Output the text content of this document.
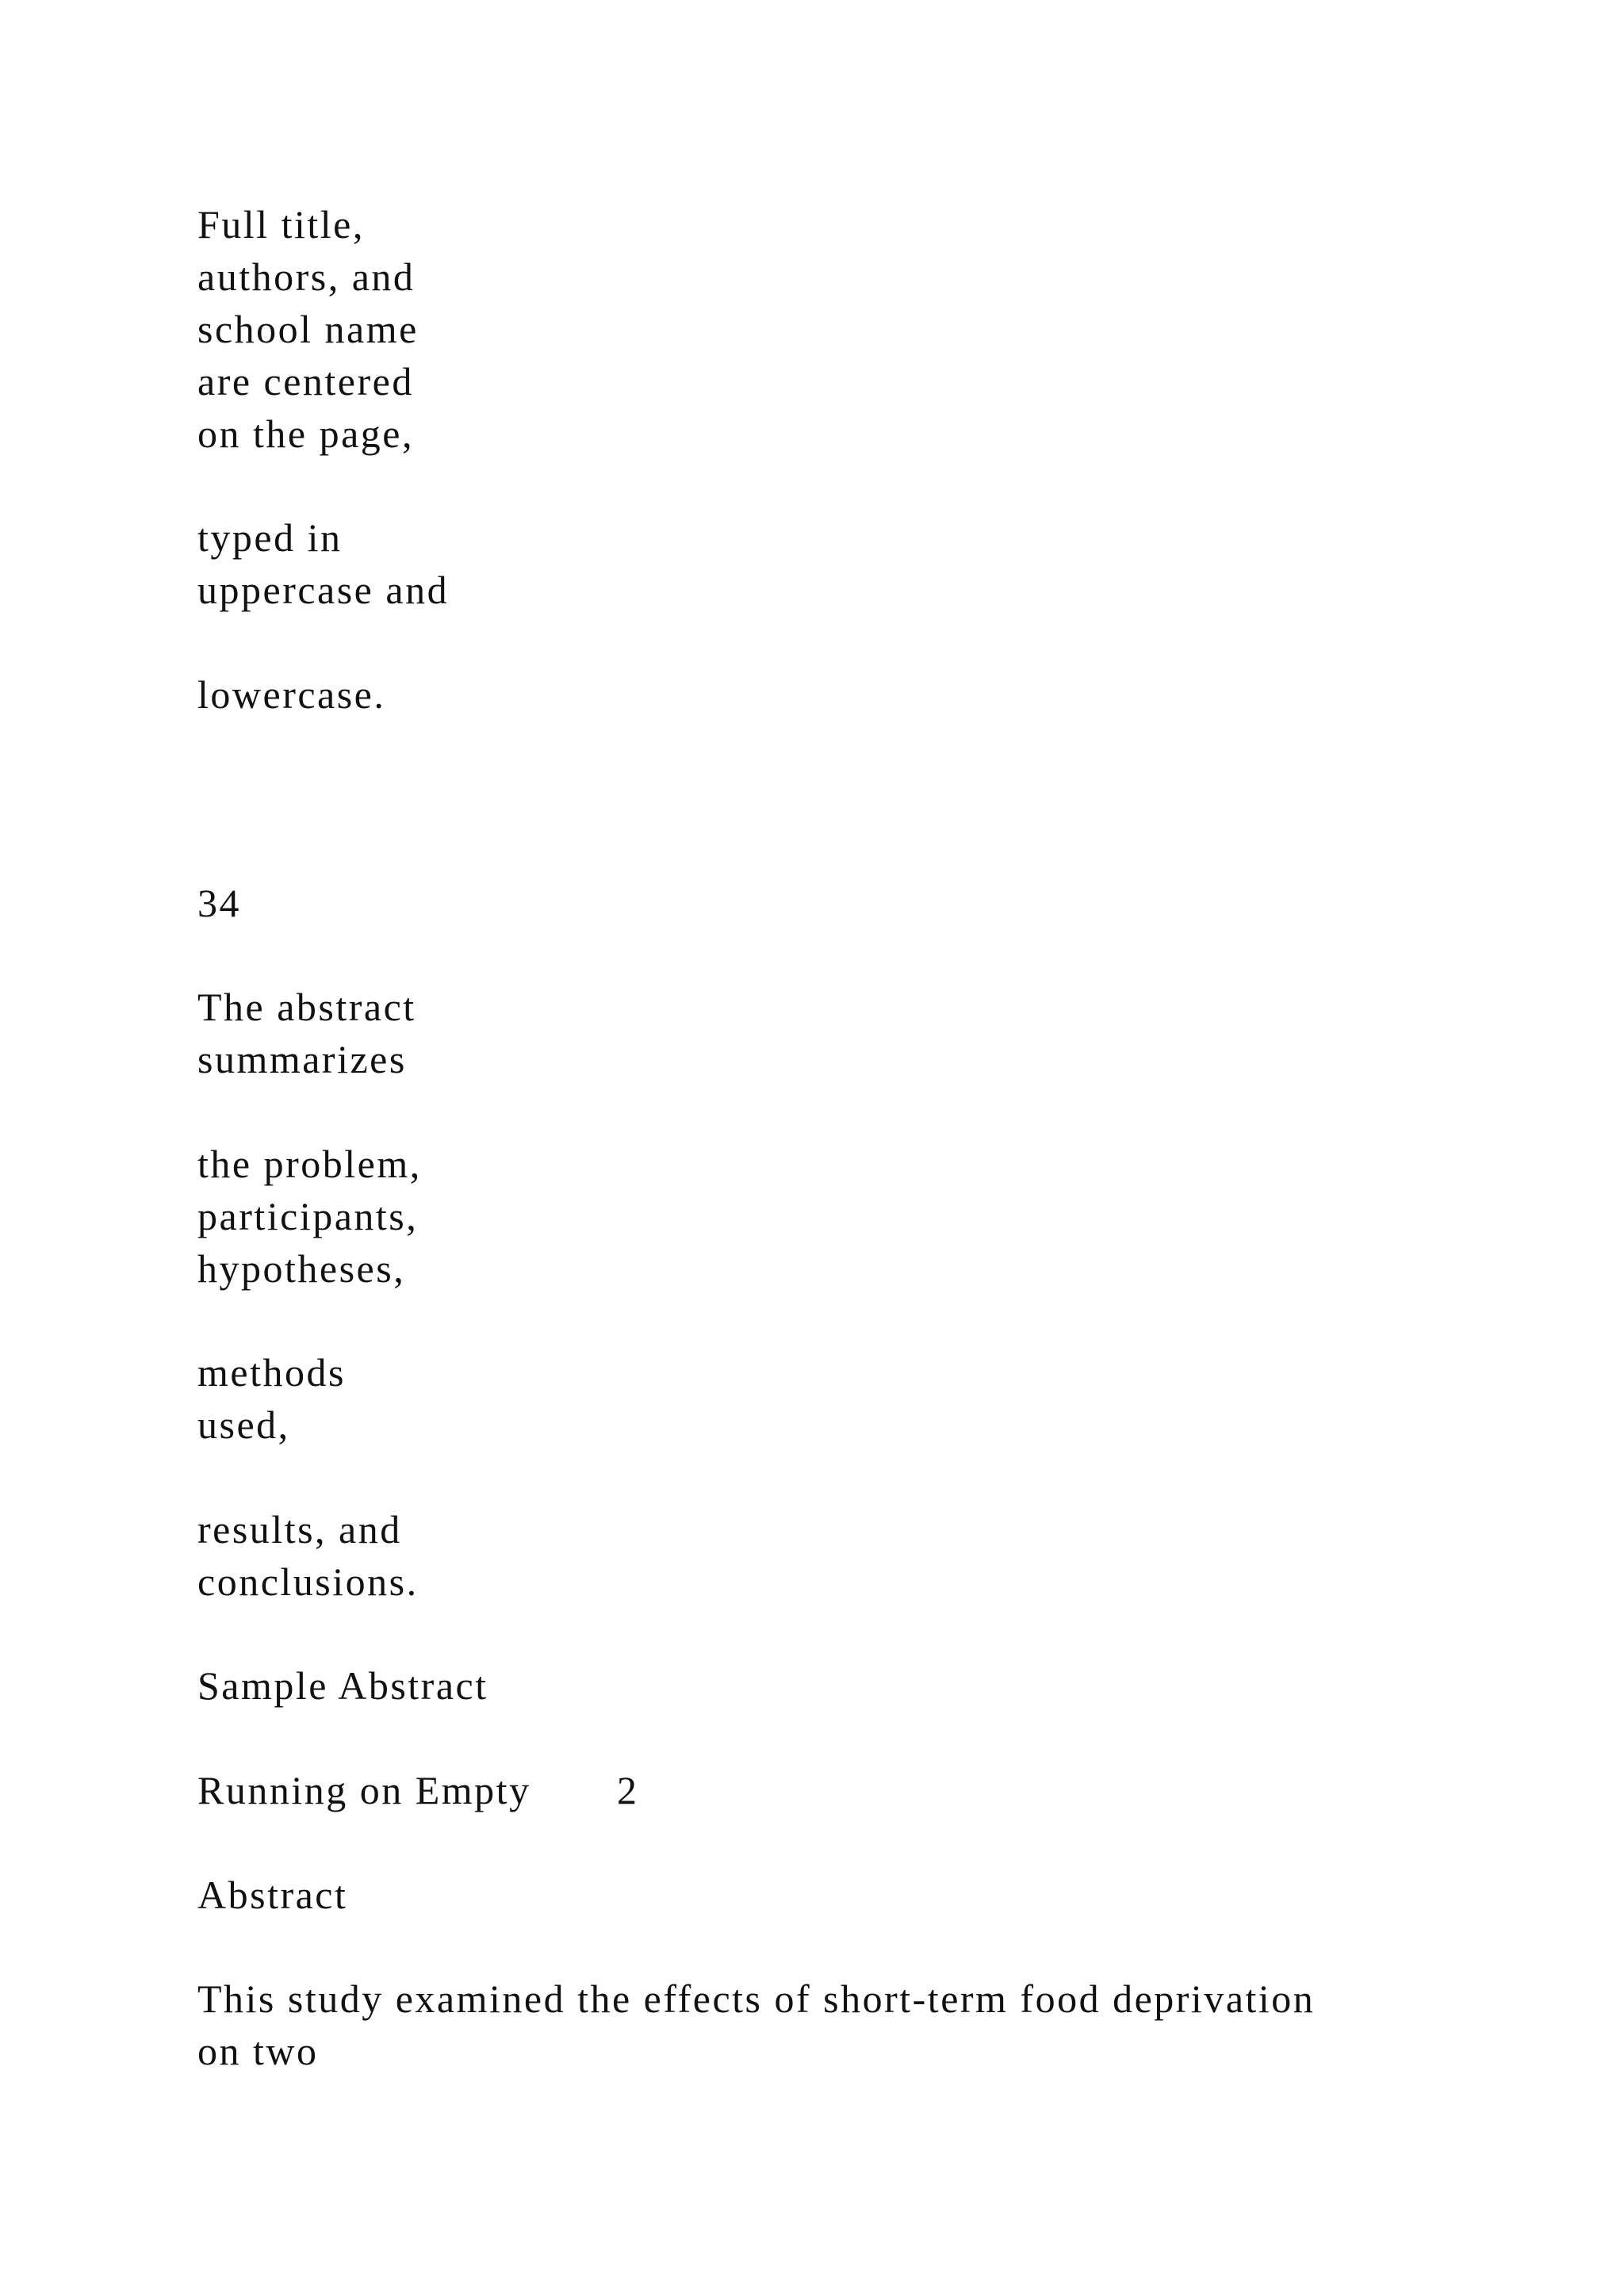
Full title,

authors, and

school name

are centered

on the page,

typed in

uppercase and

lowercase.

34

The abstract

summarizes

the problem,

participants,

hypotheses,

methods

used,

results, and

conclusions.

Sample Abstract

Running on Empty 2

Abstract

This study examined the effects of short-term food deprivation

on two
